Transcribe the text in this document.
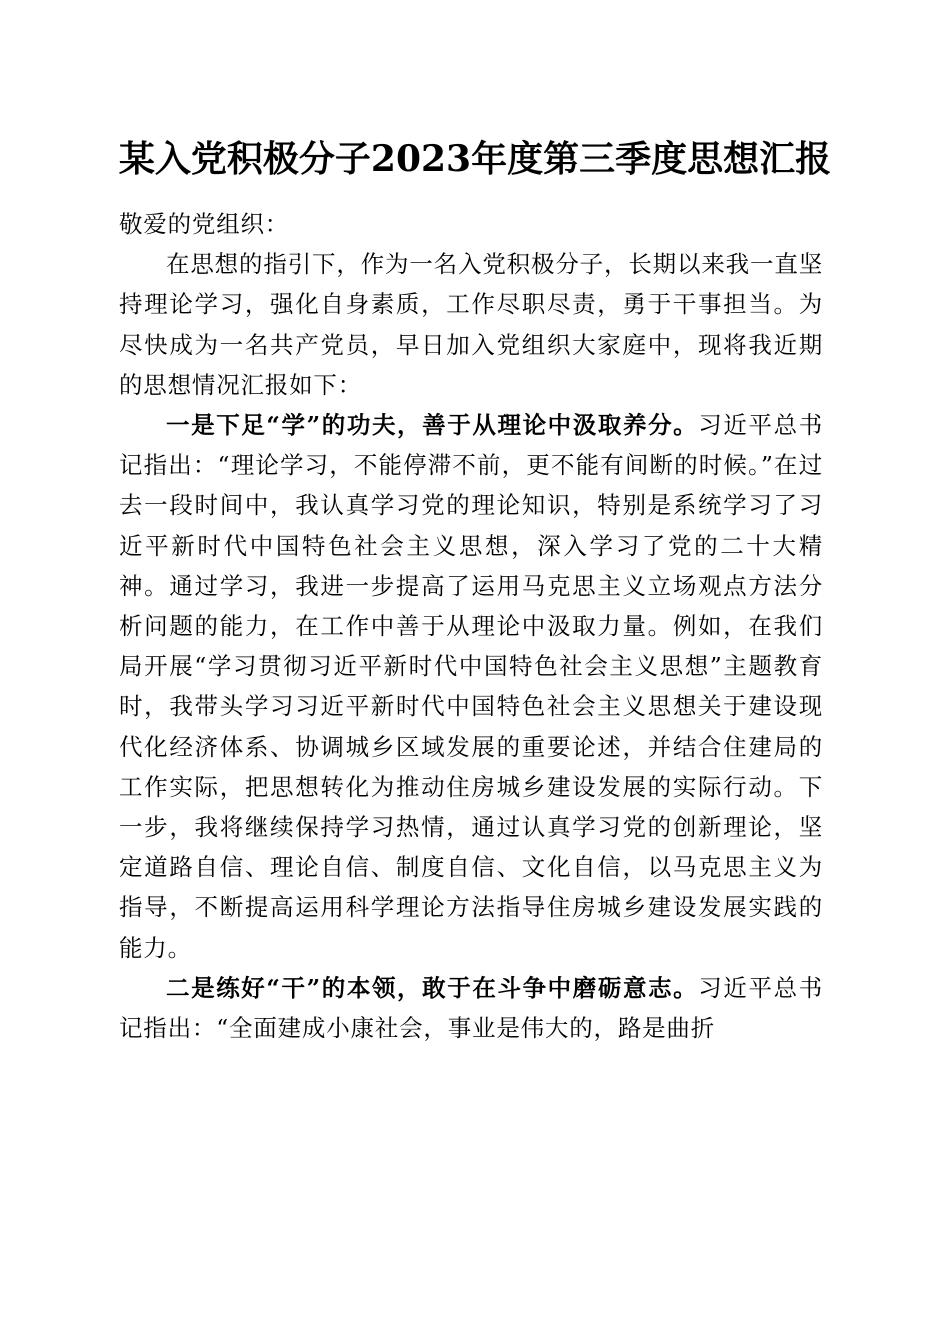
某入党积极分子2023年度第三季度思想汇报

敬爱的党组织：

在思想的指引下，作为一名入党积极分子，长期以来我一直坚持理论学习，强化自身素质，工作尽职尽责，勇于干事担当。为尽快成为一名共产党员，早日加入党组织大家庭中，现将我近期的思想情况汇报如下：

一是下足“学”的功夫，善于从理论中汲取养分。习近平总书记指出：“理论学习，不能停滞不前，更不能有间断的时候。”在过去一段时间中，我认真学习党的理论知识，特别是系统学习了习近平新时代中国特色社会主义思想，深入学习了党的二十大精神。通过学习，我进一步提高了运用马克思主义立场观点方法分析问题的能力，在工作中善于从理论中汲取力量。例如，在我们局开展“学习贯彻习近平新时代中国特色社会主义思想”主题教育时，我带头学习习近平新时代中国特色社会主义思想关于建设现代化经济体系、协调城乡区域发展的重要论述，并结合住建局的工作实际，把思想转化为推动住房城乡建设发展的实际行动。下一步，我将继续保持学习热情，通过认真学习党的创新理论，坚定道路自信、理论自信、制度自信、文化自信，以马克思主义为指导，不断提高运用科学理论方法指导住房城乡建设发展实践的能力。

二是练好“干”的本领，敢于在斗争中磨砺意志。习近平总书记指出：“全面建成小康社会，事业是伟大的，路是曲折
